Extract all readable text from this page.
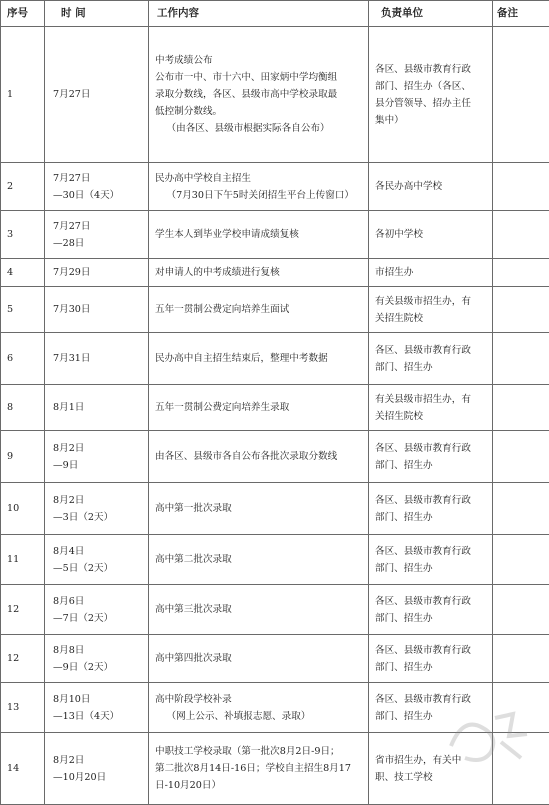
序号	时 间	工作内容	负责单位	备注
1	7月27日	中考成绩公布
公布市一中、市十六中、田家炳中学均衡组
录取分数线，各区、县级市高中学校录取最
低控制分数线。
（由各区、县级市根据实际各自公布）	各区、县级市教育行政
部门、招生办（各区、
县分管领导、招办主任
集中）	

2	7月27日
—30日（4天）	民办高中学校自主招生
（7月30日下午5时关闭招生平台上传窗口）	各民办高中学校	

3	7月27日
—28日	学生本人到毕业学校申请成绩复核	各初中学校	

4	7月29日	对申请人的中考成绩进行复核	市招生办	

5	7月30日	五年一贯制公费定向培养生面试	有关县级市招生办，有
关招生院校	

6	7月31日	民办高中自主招生结束后，整理中考数据	各区、县级市教育行政
部门、招生办	

8	8月1日	五年一贯制公费定向培养生录取	有关县级市招生办，有
关招生院校	

9	8月2日
—9日	由各区、县级市各自公布各批次录取分数线	各区、县级市教育行政
部门、招生办	

10	8月2日
—3日（2天）	高中第一批次录取	各区、县级市教育行政
部门、招生办	

11	8月4日
—5日（2天）	高中第二批次录取	各区、县级市教育行政
部门、招生办	

12	8月6日
—7日（2天）	高中第三批次录取	各区、县级市教育行政
部门、招生办	

12	8月8日
—9日（2天）	高中第四批次录取	各区、县级市教育行政
部门、招生办	

13	8月10日
—13日（4天）	高中阶段学校补录
（网上公示、补填报志愿、录取）	各区、县级市教育行政
部门、招生办	

14	8月2日
—10月20日	中职技工学校录取（第一批次8月2日-9日；
第二批次8月14日-16日；学校自主招生8月17
日-10月20日）	省市招生办，有关中
职、技工学校	
